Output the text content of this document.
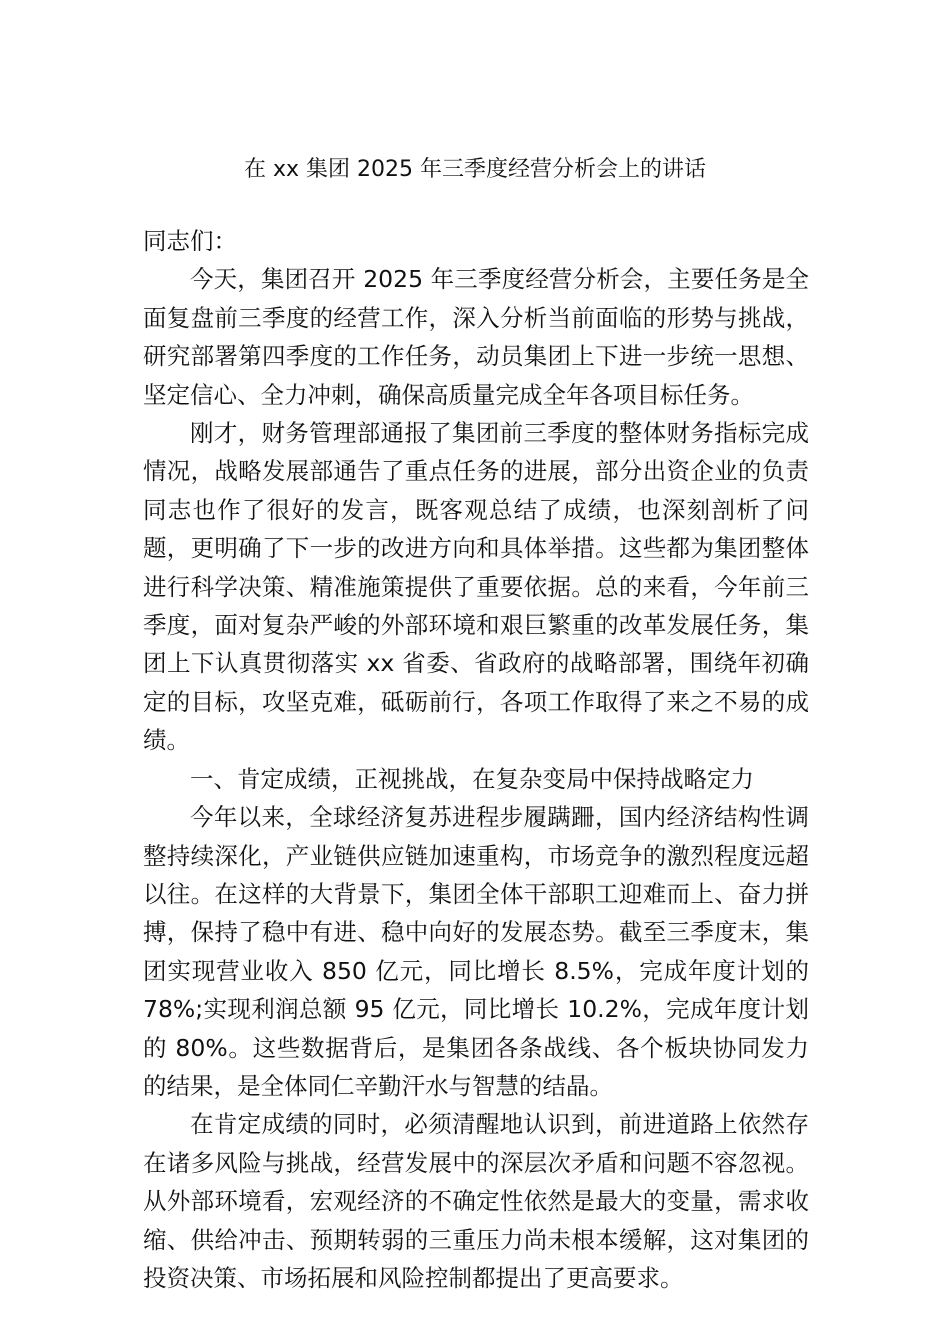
在 xx 集团 2025 年三季度经营分析会上的讲话

同志们：

今天，集团召开 2025 年三季度经营分析会，主要任务是全面复盘前三季度的经营工作，深入分析当前面临的形势与挑战，研究部署第四季度的工作任务，动员集团上下进一步统一思想、坚定信心、全力冲刺，确保高质量完成全年各项目标任务。

刚才，财务管理部通报了集团前三季度的整体财务指标完成情况，战略发展部通告了重点任务的进展，部分出资企业的负责同志也作了很好的发言，既客观总结了成绩，也深刻剖析了问题，更明确了下一步的改进方向和具体举措。这些都为集团整体进行科学决策、精准施策提供了重要依据。总的来看，今年前三季度，面对复杂严峻的外部环境和艰巨繁重的改革发展任务，集团上下认真贯彻落实 xx 省委、省政府的战略部署，围绕年初确定的目标，攻坚克难，砥砺前行，各项工作取得了来之不易的成绩。

一、肯定成绩，正视挑战，在复杂变局中保持战略定力

今年以来，全球经济复苏进程步履蹒跚，国内经济结构性调整持续深化，产业链供应链加速重构，市场竞争的激烈程度远超以往。在这样的大背景下，集团全体干部职工迎难而上、奋力拼搏，保持了稳中有进、稳中向好的发展态势。截至三季度末，集团实现营业收入 850 亿元，同比增长 8.5%，完成年度计划的 78%;实现利润总额 95 亿元，同比增长 10.2%，完成年度计划的 80%。这些数据背后，是集团各条战线、各个板块协同发力的结果，是全体同仁辛勤汗水与智慧的结晶。

在肯定成绩的同时，必须清醒地认识到，前进道路上依然存在诸多风险与挑战，经营发展中的深层次矛盾和问题不容忽视。从外部环境看，宏观经济的不确定性依然是最大的变量，需求收缩、供给冲击、预期转弱的三重压力尚未根本缓解，这对集团的投资决策、市场拓展和风险控制都提出了更高要求。
